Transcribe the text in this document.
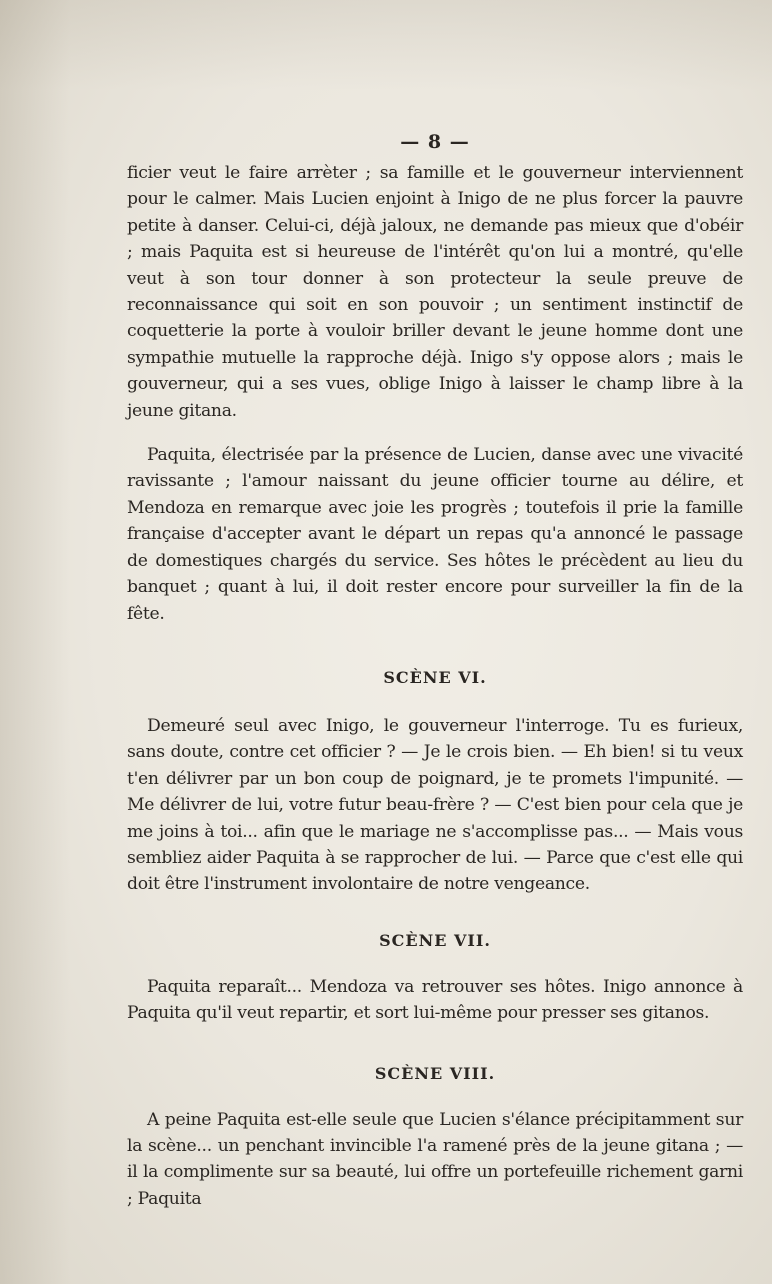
— 8 —

ficier veut le faire arrèter ; sa famille et le gouverneur interviennent pour le calmer. Mais Lucien enjoint à Inigo de ne plus forcer la pauvre petite à danser. Celui-ci, déjà jaloux, ne demande pas mieux que d'obéir ; mais Paquita est si heureuse de l'intérêt qu'on lui a montré, qu'elle veut à son tour donner à son protecteur la seule preuve de reconnaissance qui soit en son pouvoir ; un sentiment instinctif de coquetterie la porte à vouloir briller devant le jeune homme dont une sympathie mutuelle la rapproche déjà. Inigo s'y oppose alors ; mais le gouverneur, qui a ses vues, oblige Inigo à laisser le champ libre à la jeune gitana.

Paquita, électrisée par la présence de Lucien, danse avec une vivacité ravissante ; l'amour naissant du jeune officier tourne au délire, et Mendoza en remarque avec joie les progrès ; toutefois il prie la famille française d'accepter avant le départ un repas qu'a annoncé le passage de domestiques chargés du service. Ses hôtes le précèdent au lieu du banquet ; quant à lui, il doit rester encore pour surveiller la fin de la fête.

SCÈNE VI.

Demeuré seul avec Inigo, le gouverneur l'interroge. Tu es furieux, sans doute, contre cet officier ? — Je le crois bien. — Eh bien! si tu veux t'en délivrer par un bon coup de poignard, je te promets l'impunité. — Me délivrer de lui, votre futur beau-frère ? — C'est bien pour cela que je me joins à toi... afin que le mariage ne s'accomplisse pas... — Mais vous sembliez aider Paquita à se rapprocher de lui. — Parce que c'est elle qui doit être l'instrument involontaire de notre vengeance.

SCÈNE VII.

Paquita reparaît... Mendoza va retrouver ses hôtes. Inigo annonce à Paquita qu'il veut repartir, et sort lui-même pour presser ses gitanos.

SCÈNE VIII.

A peine Paquita est-elle seule que Lucien s'élance précipitamment sur la scène... un penchant invincible l'a ramené près de la jeune gitana ; — il la complimente sur sa beauté, lui offre un portefeuille richement garni ; Paquita
